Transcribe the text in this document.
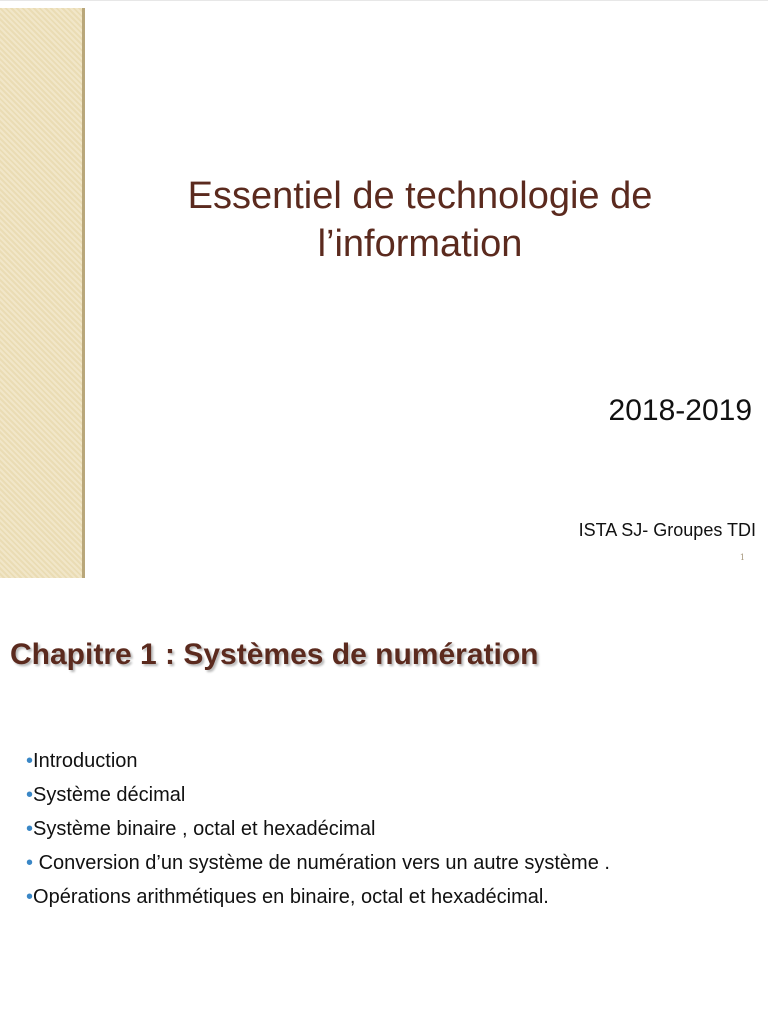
Essentiel de technologie de
l’information
2018-2019
ISTA SJ- Groupes TDI
1
Chapitre 1 : Systèmes de numération
•Introduction
•Système décimal
•Système binaire , octal et hexadécimal
• Conversion d’un système de numération vers un autre système .
•Opérations arithmétiques en binaire, octal et hexadécimal.
